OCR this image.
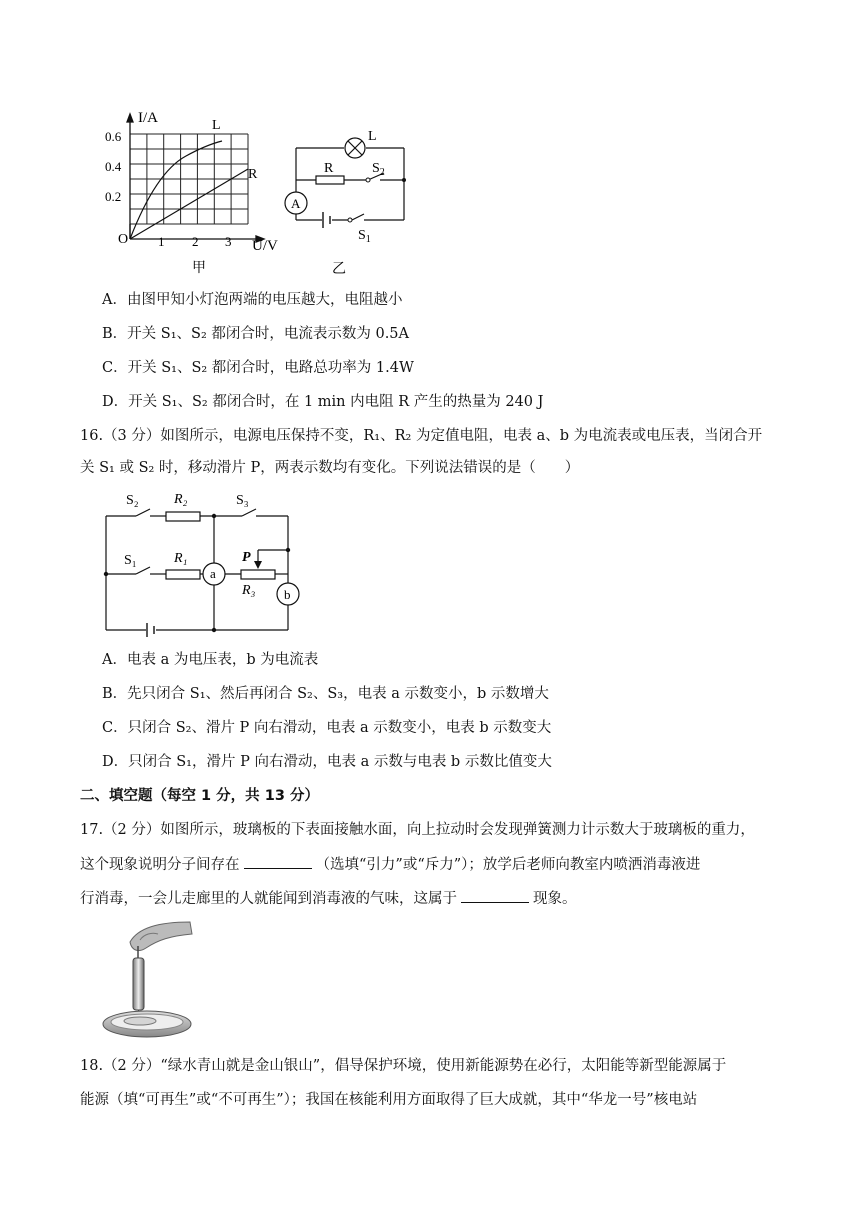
I/A
U/V
O
0.6
0.4
0.2
1 2 3
L
R
甲
A
L
R	$S_2$
$S_1$
乙
A．由图甲知小灯泡两端的电压越大，电阻越小
B．开关 S₁、S₂ 都闭合时，电流表示数为 0.5A
C．开关 S₁、S₂ 都闭合时，电路总功率为 1.4W
D．开关 S₁、S₂ 都闭合时，在 1 min 内电阻 R 产生的热量为 240 J
16.（3 分）如图所示，电源电压保持不变，R₁、R₂ 为定值电阻，电表 a、b 为电流表或电压表，当闭合开
关 S₁ 或 S₂ 时，移动滑片 P，两表示数均有变化。下列说法错误的是（　　）
a
b
S₂	R₂	S₃
S₁	R₁	P
R₃
A．电表 a 为电压表，b 为电流表
B．先只闭合 S₁、然后再闭合 S₂、S₃，电表 a 示数变小，b 示数增大
C．只闭合 S₂、滑片 P 向右滑动，电表 a 示数变小，电表 b 示数变大
D．只闭合 S₁，滑片 P 向右滑动，电表 a 示数与电表 b 示数比值变大
二、填空题（每空 1 分，共 13 分）
17.（2 分）如图所示，玻璃板的下表面接触水面，向上拉动时会发现弹簧测力计示数大于玻璃板的重力，
这个现象说明分子间存在	（选填“引力”或“斥力”）；放学后老师向教室内喷洒消毒液进
行消毒，一会儿走廊里的人就能闻到消毒液的气味，这属于	现象。
18.（2 分）“绿水青山就是金山银山”，倡导保护环境，使用新能源势在必行，太阳能等新型能源属于
能源（填“可再生”或“不可再生”）；我国在核能利用方面取得了巨大成就，其中“华龙一号”核电站
